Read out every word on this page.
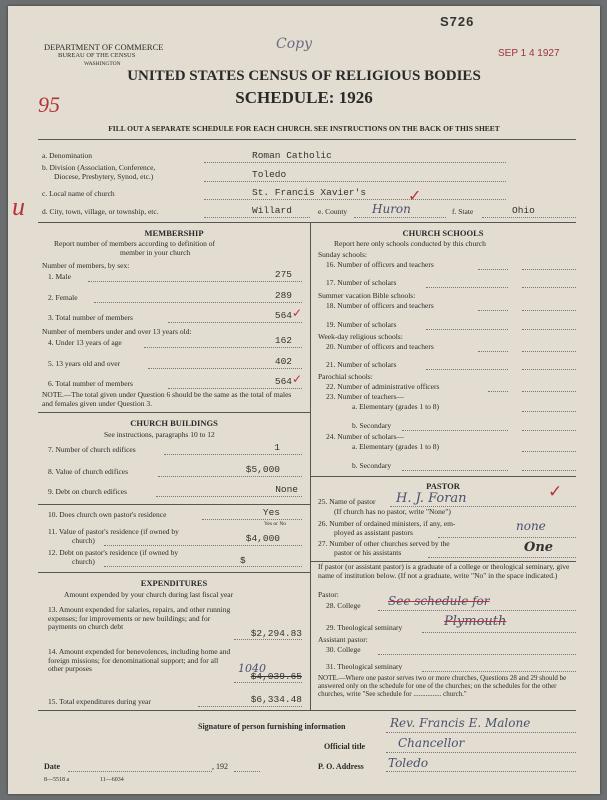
S726
Copy
SEP 1 4 1927
DEPARTMENT OF COMMERCE
BUREAU OF THE CENSUS
WASHINGTON
UNITED STATES CENSUS OF RELIGIOUS BODIES
SCHEDULE: 1926
95
u
FILL OUT A SEPARATE SCHEDULE FOR EACH CHURCH. SEE INSTRUCTIONS ON THE BACK OF THIS SHEET
a. Denomination	Roman Catholic
b. Division (Association, Conference,
Diocese, Presbytery, Synod, etc.)	Toledo
c. Local name of church	St. Francis Xavier's	✓
d. City, town, village, or township, etc.	Willard	e. County Huron	f. State	Ohio
MEMBERSHIP
Report number of members according to definition of
member in your church
Number of members, by sex:
1. Male	275
2. Female	289
3. Total number of members	564
Number of members under and over 13 years old:
4. Under 13 years of age	162
5. 13 years old and over	402
6. Total number of members	564
NOTE.—The total given under Question 6 should be the same as the total of males and females given under Question 3.
CHURCH BUILDINGS
See instructions, paragraphs 10 to 12
7. Number of church edifices	1
8. Value of church edifices	$5,000
9. Debt on church edifices	None
10. Does church own pastor's residence	Yes
Yes or No
11. Value of pastor's residence (if owned by
church)	$4,000
12. Debt on pastor's residence (if owned by
church)	$
EXPENDITURES
Amount expended by your church during last fiscal year
13. Amount expended for salaries, repairs, and other running expenses; for improvements or new buildings; and for payments on church debt
$2,294.83
14. Amount expended for benevolences, including home and foreign missions; for denominational support; and for all other purposes	1040
$4,039.65
15. Total expenditures during year	$6,334.48
CHURCH SCHOOLS
Report here only schools conducted by this church
Sunday schools:
16. Number of officers and teachers
17. Number of scholars
Summer vacation Bible schools:
18. Number of officers and teachers
19. Number of scholars
Week-day religious schools:
20. Number of officers and teachers
21. Number of scholars
Parochial schools:
22. Number of administrative officers
23. Number of teachers—
a. Elementary (grades 1 to 8)
b. Secondary
24. Number of scholars—
a. Elementary (grades 1 to 8)
b. Secondary
PASTOR
25. Name of pastor H. J. Foran	✓
(If church has no pastor, write "None")
26. Number of ordained ministers, if any, em-
ployed as assistant pastors	none
27. Number of other churches served by the
pastor or his assistants	One
If pastor (or assistant pastor) is a graduate of a college or theological seminary, give name of institution below. (If not a graduate, write "No" in the space indicated.)
Pastor:
28. College See schedule for
29. Theological seminary	Plymouth
Assistant pastor:
30. College
31. Theological seminary
NOTE.—Where one pastor serves two or more churches, Questions 28 and 29 should be answered only on the schedule for one of the churches; on the schedules for the other churches, write "See schedule for ................ church."
Signature of person furnishing information	Rev. Francis E. Malone
Official title	Chancellor
Date	, 192	P. O. Address Toledo
8—5518 a	11—6034
✓
✓
